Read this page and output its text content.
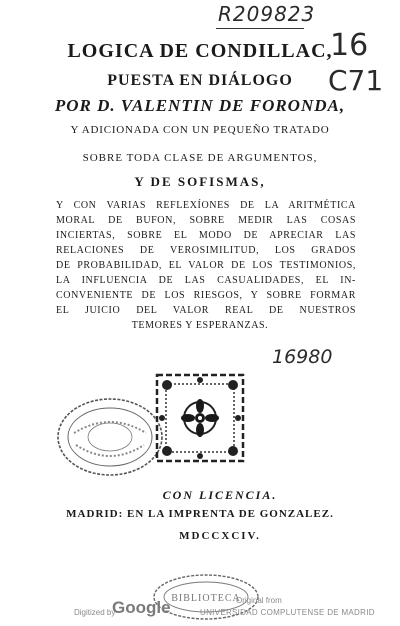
R209823
16
C71
16980
LOGICA DE CONDILLAC,
PUESTA EN DIÁLOGO
POR D. VALENTIN DE FORONDA,
Y ADICIONADA CON UN PEQUEÑO TRATADO
SOBRE TODA CLASE DE ARGUMENTOS,
Y DE SOFISMAS,
Y CON VARIAS REFLEXÍONES DE LA ARITMÉTICA
MORAL DE BUFON, SOBRE MEDIR LAS COSAS
INCIERTAS, SOBRE EL MODO DE APRECIAR LAS
RELACIONES DE VEROSIMILITUD, LOS GRADOS
DE PROBABILIDAD, EL VALOR DE LOS TESTIMONIOS,
LA INFLUENCIA DE LAS CASUALIDADES, EL IN-
CONVENIENTE DE LOS RIESGOS, Y SOBRE FORMAR
EL JUICIO DEL VALOR REAL DE NUESTROS
TEMORES Y ESPERANZAS.
CON LICENCIA.
MADRID: EN LA IMPRENTA DE GONZALEZ.
MDCCXCIV.
BIBLIOTECA
Digitized by
Google	Original from
UNIVERSIDAD COMPLUTENSE DE MADRID
